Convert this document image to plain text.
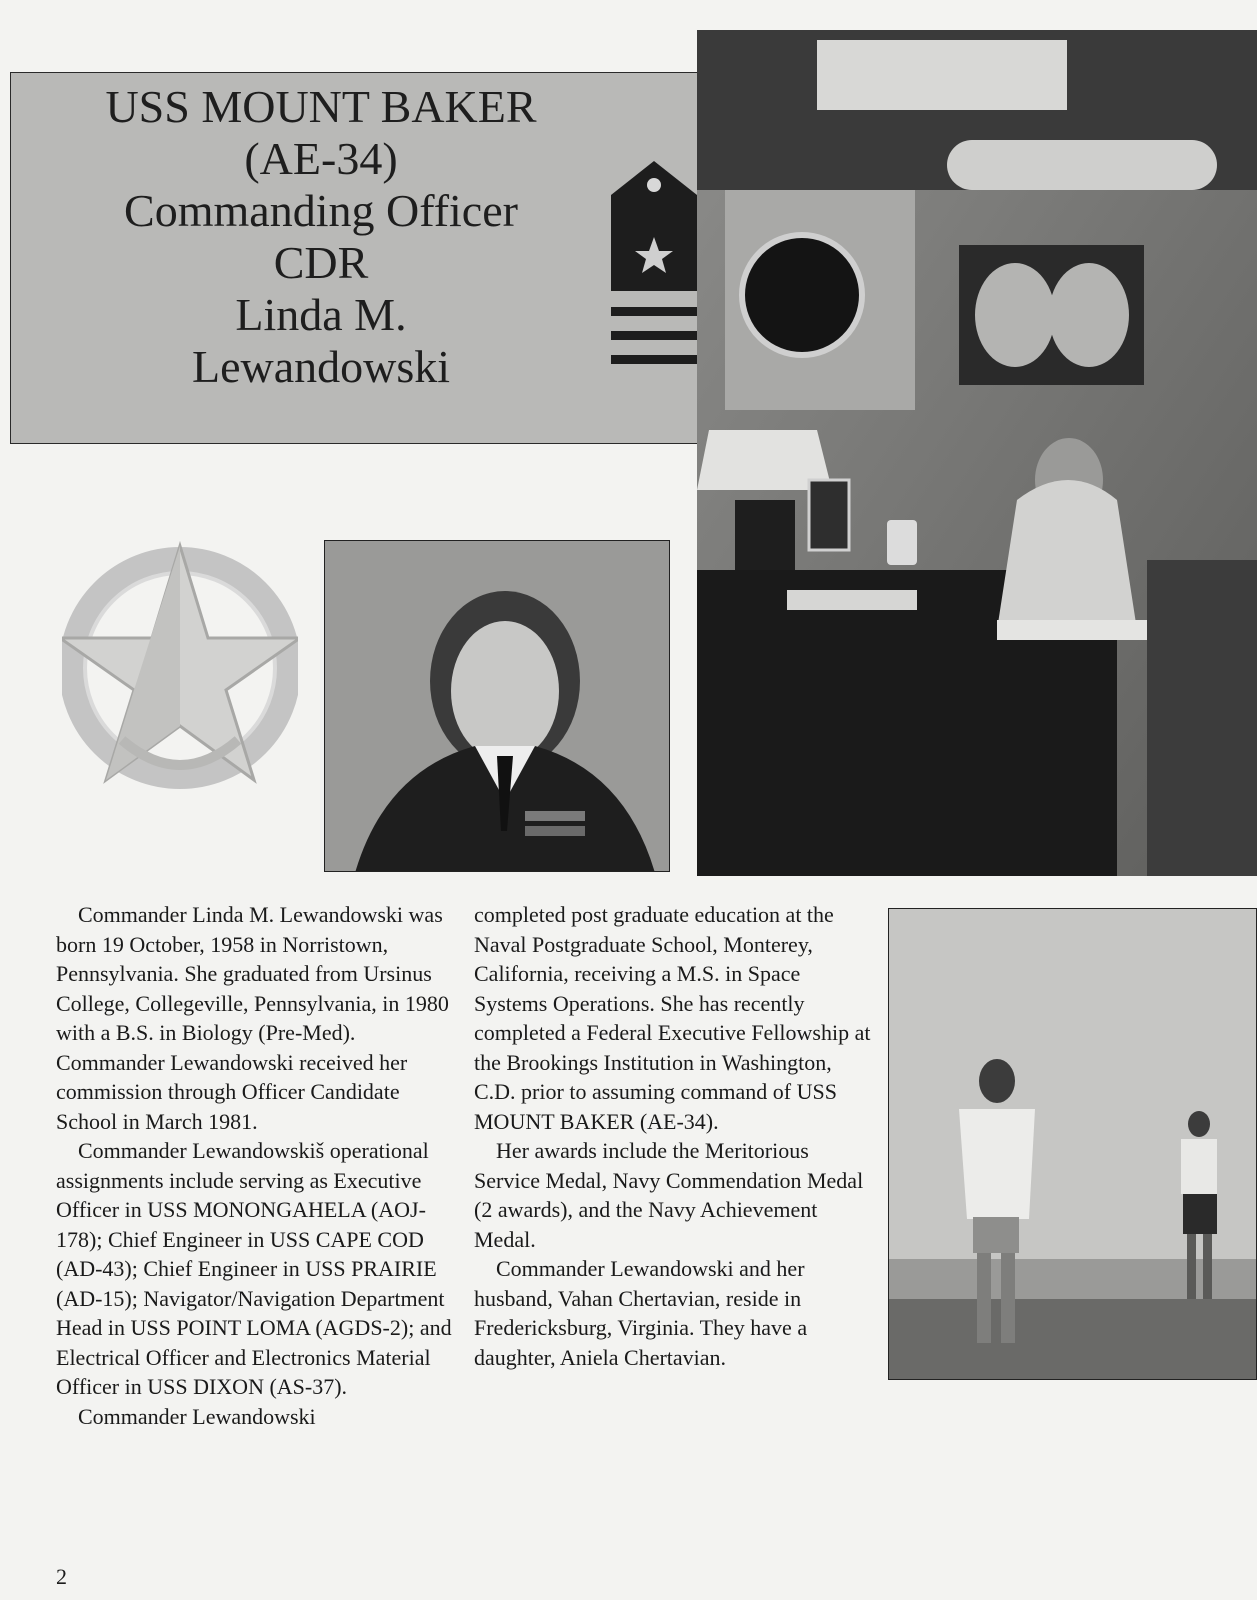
USS MOUNT BAKER
(AE-34)
Commanding Officer
CDR
Linda M.
Lewandowski

Commander Linda M. Lewandowski was born 19 October, 1958 in Norristown, Pennsylvania. She graduated from Ursinus College, Collegeville, Pennsylvania, in 1980 with a B.S. in Biology (Pre-Med). Commander Lewandowski received her commission through Officer Candidate School in March 1981.

Commander Lewandowskiš operational assignments include serving as Executive Officer in USS MONONGAHELA (AOJ-178); Chief Engineer in USS CAPE COD (AD-43); Chief Engineer in USS PRAIRIE (AD-15); Navigator/Navigation Department Head in USS POINT LOMA (AGDS-2); and Electrical Officer and Electronics Material Officer in USS DIXON (AS-37).

Commander Lewandowski

completed post graduate education at the Naval Postgraduate School, Monterey, California, receiving a M.S. in Space Systems Operations. She has recently completed a Federal Executive Fellowship at the Brookings Institution in Washington, C.D. prior to assuming command of USS MOUNT BAKER (AE-34).

Her awards include the Meritorious Service Medal, Navy Commendation Medal (2 awards), and the Navy Achievement Medal.

Commander Lewandowski and her husband, Vahan Chertavian, reside in Fredericksburg, Virginia. They have a daughter, Aniela Chertavian.

2
